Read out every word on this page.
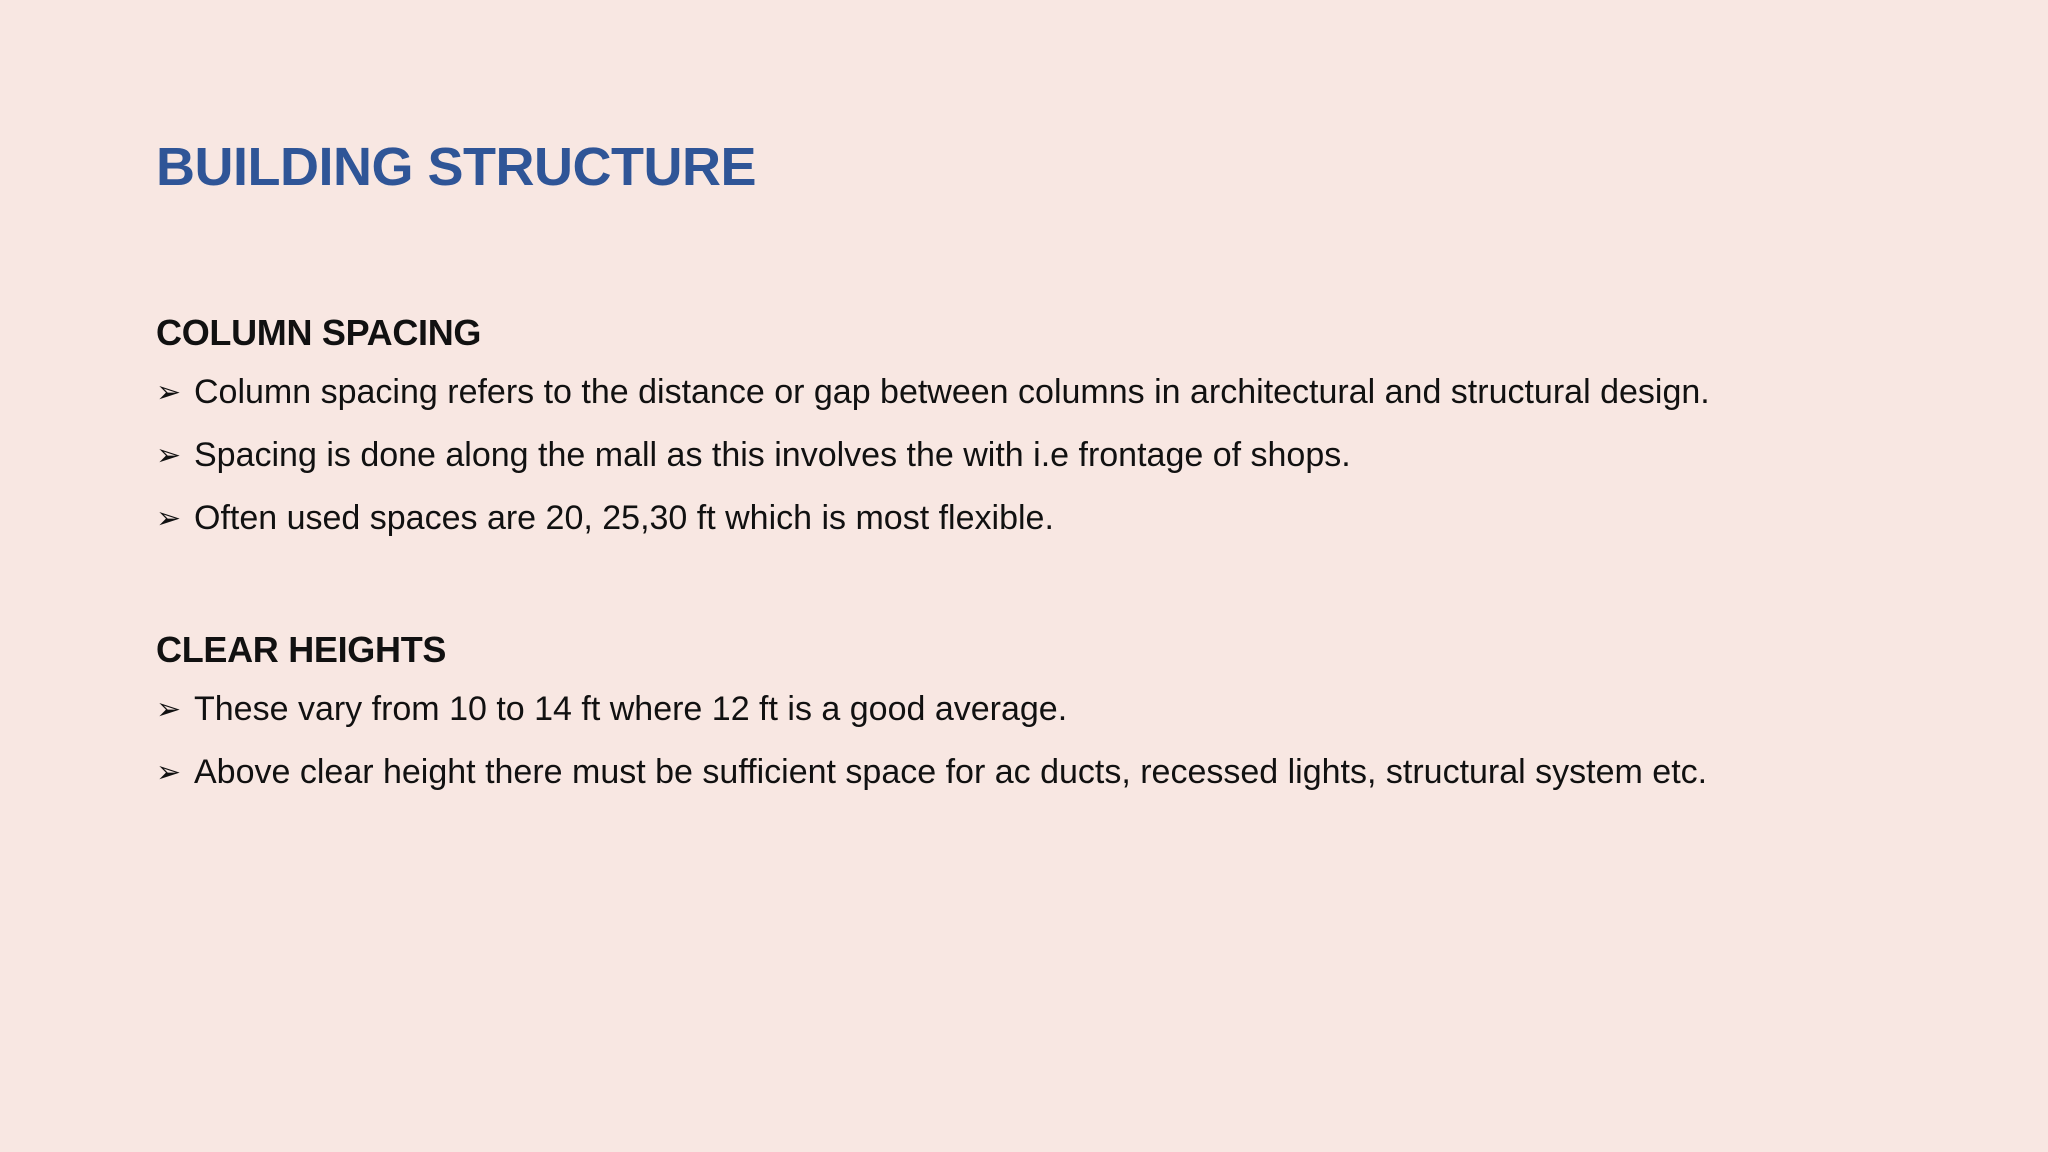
BUILDING STRUCTURE
COLUMN SPACING
➢ Column spacing refers to the distance or gap between columns in architectural and structural design.
➢ Spacing is done along the mall as this involves the with i.e frontage of shops.
➢ Often used spaces are 20, 25,30 ft which is most flexible.
CLEAR HEIGHTS
➢ These vary from 10 to 14 ft where 12 ft is a good average.
➢ Above clear height there must be sufficient space for ac ducts, recessed lights, structural system etc.
